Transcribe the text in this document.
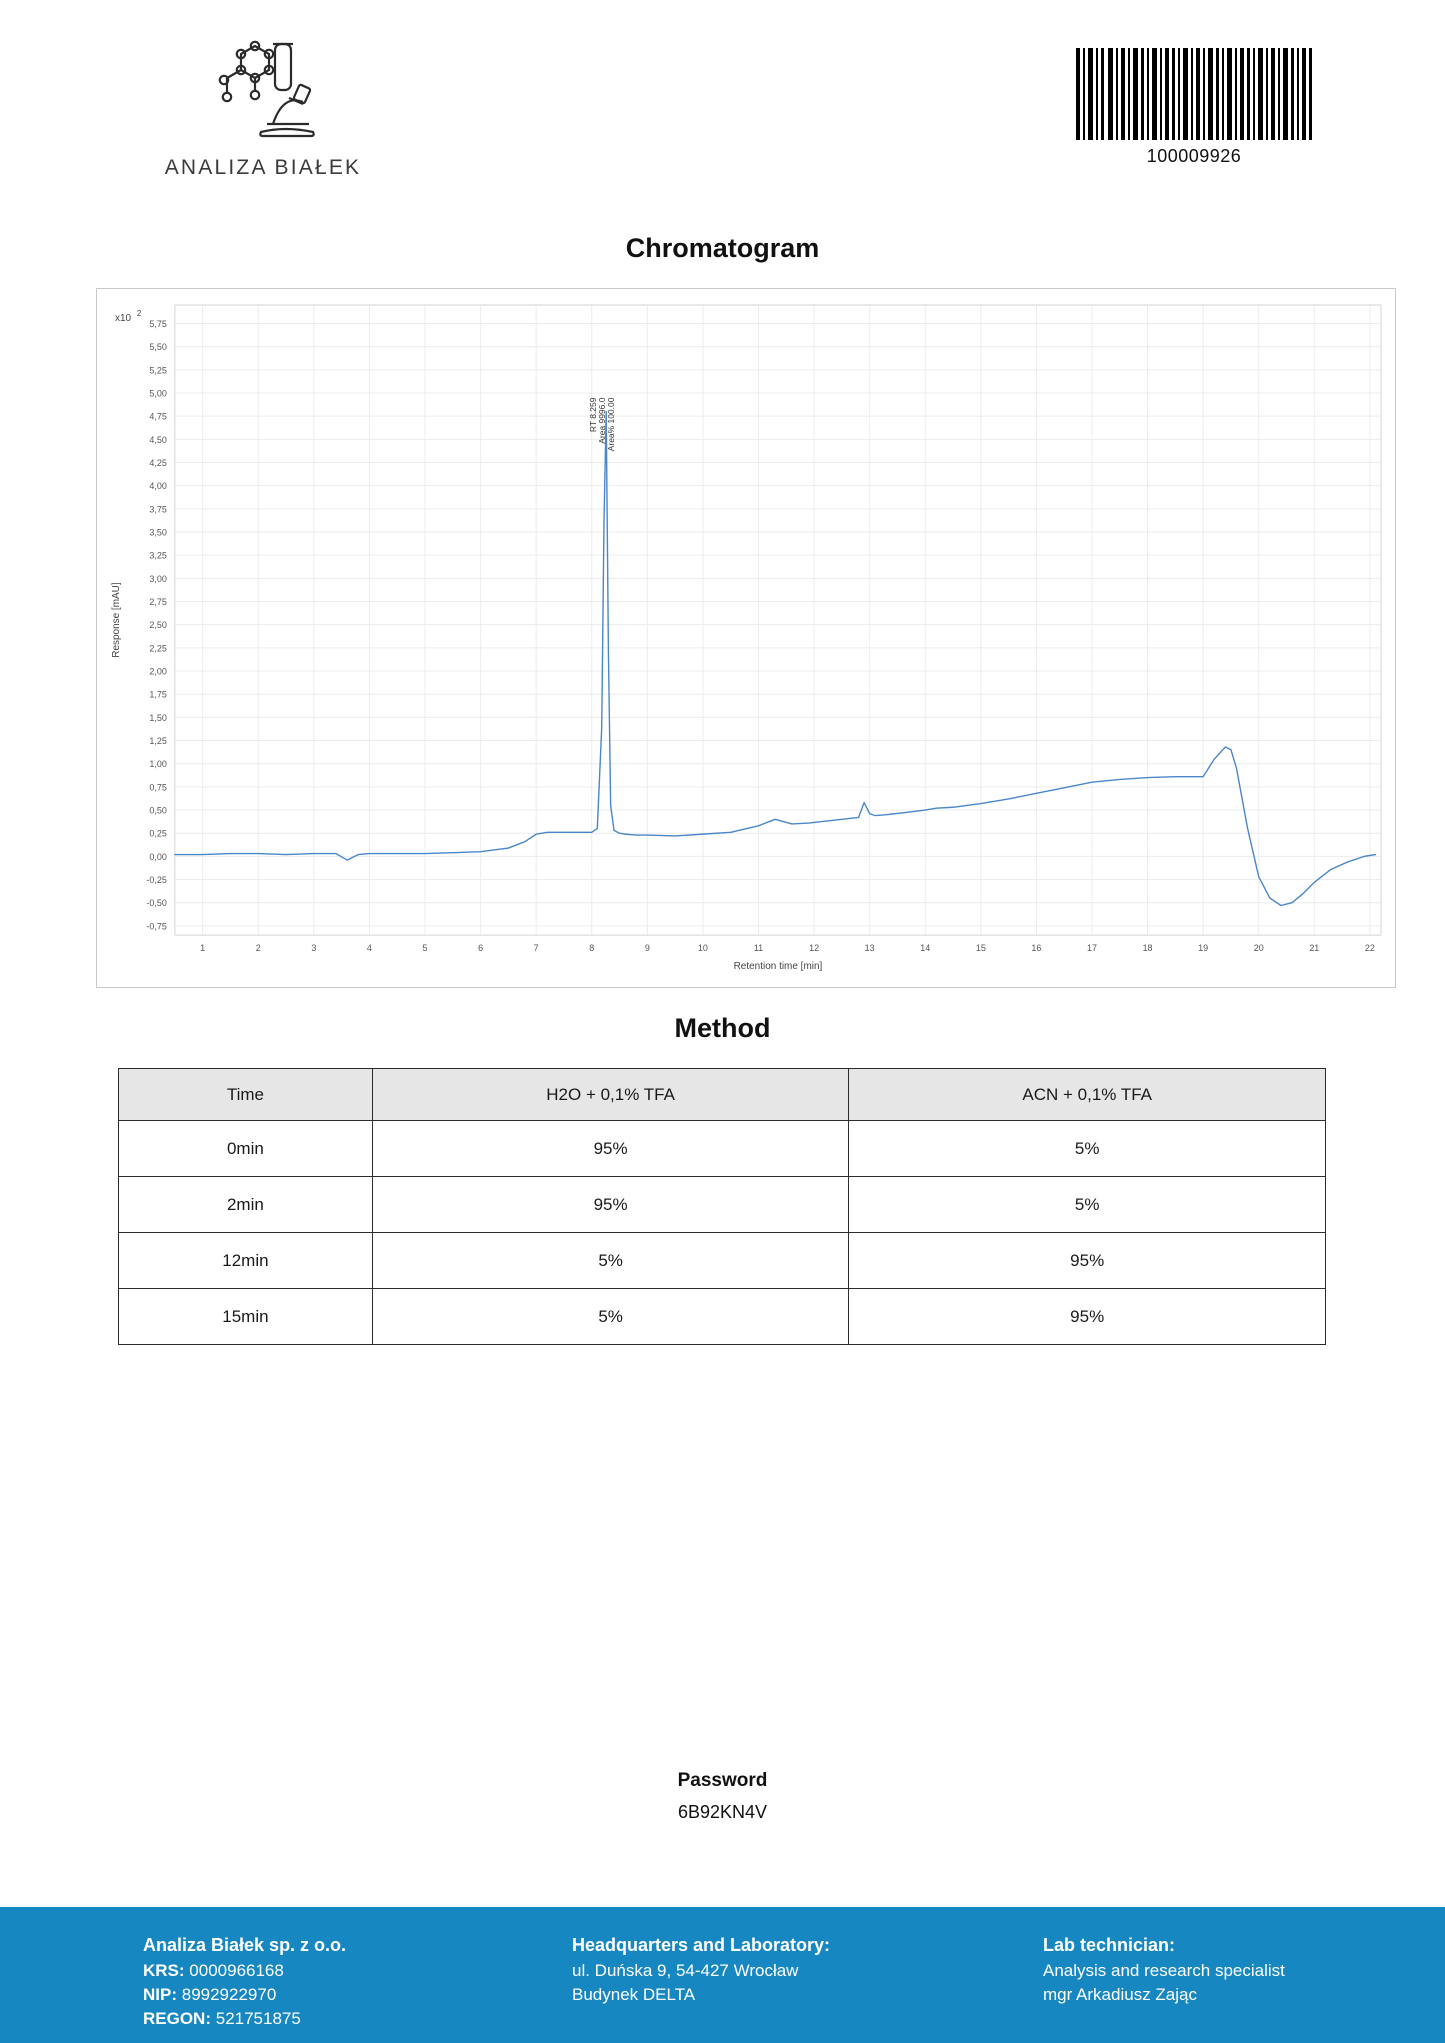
ANALIZA BIAŁEK	100009926
Chromatogram
5,75
5,50
5,25
5,00
4,75
4,50
4,25
4,00
3,75
3,50
3,25
3,00
2,75
2,50
2,25
2,00
1,75
1,50
1,25
1,00
0,75
0,50
0,25
0,00
-0,25
-0,50
-0,75
1	2	3	4	5	6	7	8	9	10	11	12	13	14	15	16	17	18	19	20	21	22
x10 2
Response [mAU]
Retention time [min]
RT 8.259
Area 9996.0
Area% 100.00
Method
Time	H2O + 0,1% TFA	ACN + 0,1% TFA
0min	95%	5%
2min	95%	5%
12min	5%	95%
15min	5%	95%
Password
6B92KN4V
Analiza Białek sp. z o.o.
KRS: 0000966168
NIP: 8992922970
REGON: 521751875
Headquarters and Laboratory:
ul. Duńska 9, 54-427 Wrocław
Budynek DELTA
Lab technician:
Analysis and research specialist
mgr Arkadiusz Zając
